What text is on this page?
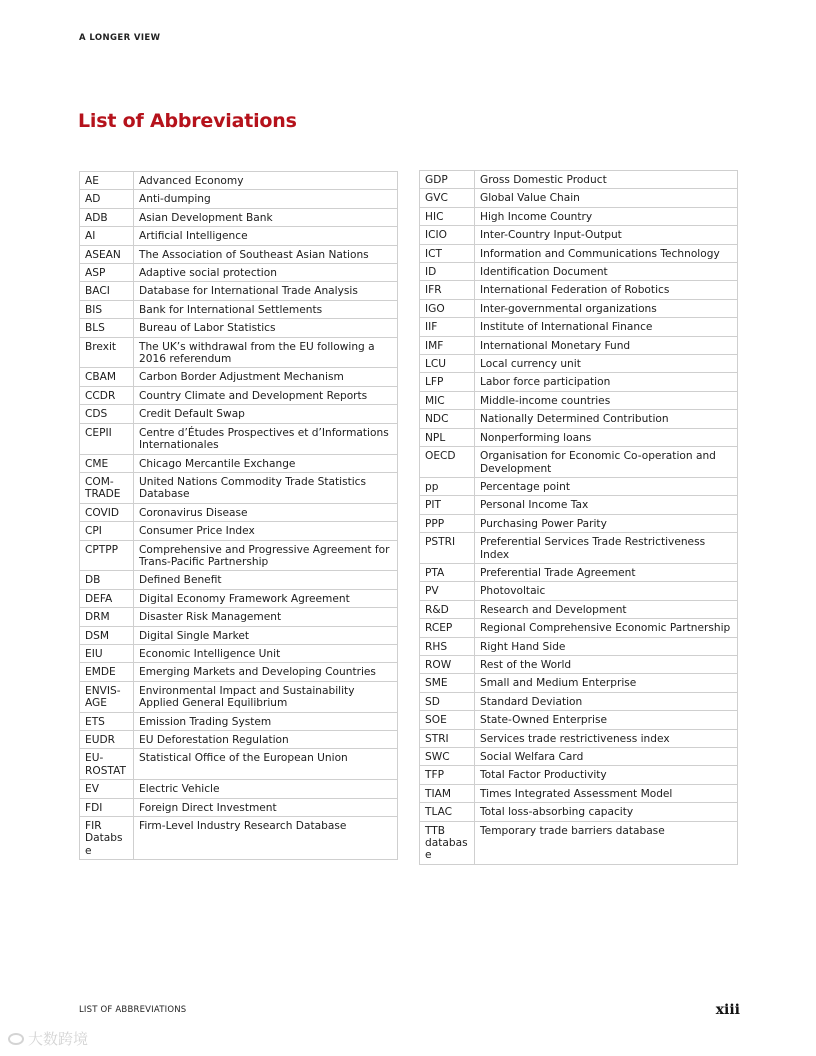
A LONGER VIEW
List of Abbreviations
AE	Advanced Economy
AD	Anti-dumping
ADB	Asian Development Bank
AI	Artificial Intelligence
ASEAN	The Association of Southeast Asian Nations
ASP	Adaptive social protection
BACI	Database for International Trade Analysis
BIS	Bank for International Settlements
BLS	Bureau of Labor Statistics
Brexit	The UK’s withdrawal from the EU following a 2016 referendum
CBAM	Carbon Border Adjustment Mechanism
CCDR	Country Climate and Development Reports
CDS	Credit Default Swap
CEPII	Centre d’Études Prospectives et d’Informations Internationales
CME	Chicago Mercantile Exchange
COM-TRADE	United Nations Commodity Trade Statistics Database
COVID	Coronavirus Disease
CPI	Consumer Price Index
CPTPP	Comprehensive and Progressive Agreement for Trans-Pacific Partnership
DB	Defined Benefit
DEFA	Digital Economy Framework Agreement
DRM	Disaster Risk Management
DSM	Digital Single Market
EIU	Economic Intelligence Unit
EMDE	Emerging Markets and Developing Countries
ENVIS-AGE	Environmental Impact and Sustainability Applied General Equilibrium
ETS	Emission Trading System
EUDR	EU Deforestation Regulation
EU-ROSTAT	Statistical Office of the European Union
EV	Electric Vehicle
FDI	Foreign Direct Investment
FIR Databse	Firm-Level Industry Research Database
GDP	Gross Domestic Product
GVC	Global Value Chain
HIC	High Income Country
ICIO	Inter-Country Input-Output
ICT	Information and Communications Technology
ID	Identification Document
IFR	International Federation of Robotics
IGO	Inter-governmental organizations
IIF	Institute of International Finance
IMF	International Monetary Fund
LCU	Local currency unit
LFP	Labor force participation
MIC	Middle-income countries
NDC	Nationally Determined Contribution
NPL	Nonperforming loans
OECD	Organisation for Economic Co-operation and Development
pp	Percentage point
PIT	Personal Income Tax
PPP	Purchasing Power Parity
PSTRI	Preferential Services Trade Restrictiveness Index
PTA	Preferential Trade Agreement
PV	Photovoltaic
R&D	Research and Development
RCEP	Regional Comprehensive Economic Partnership
RHS	Right Hand Side
ROW	Rest of the World
SME	Small and Medium Enterprise
SD	Standard Deviation
SOE	State-Owned Enterprise
STRI	Services trade restrictiveness index
SWC	Social Welfara Card
TFP	Total Factor Productivity
TIAM	Times Integrated Assessment Model
TLAC	Total loss-absorbing capacity
TTB database	Temporary trade barriers database
LIST OF ABBREVIATIONS	xiii
大数跨境
